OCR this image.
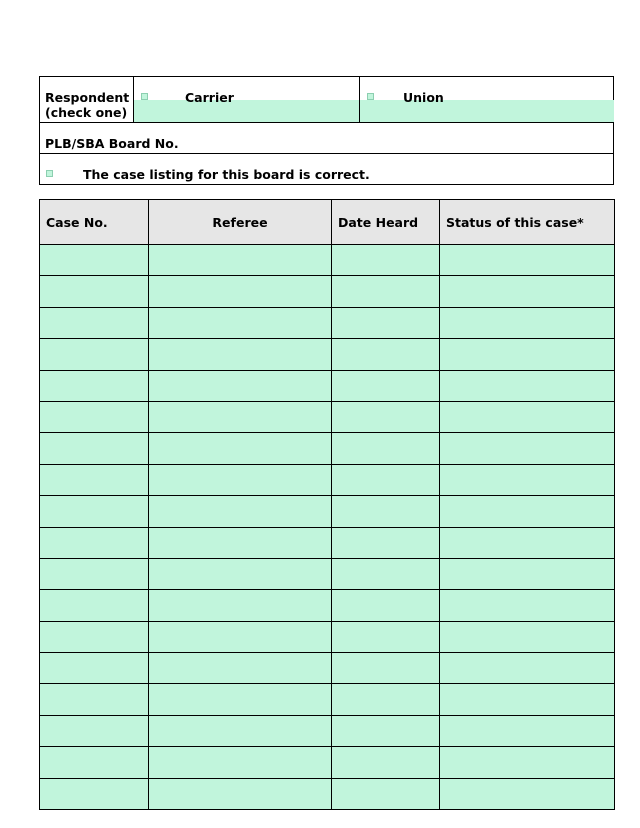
Respondent
(check one)
Carrier	Union
PLB/SBA Board No.
The case listing for this board is correct.
Case No.	Referee	Date Heard	Status of this case*
